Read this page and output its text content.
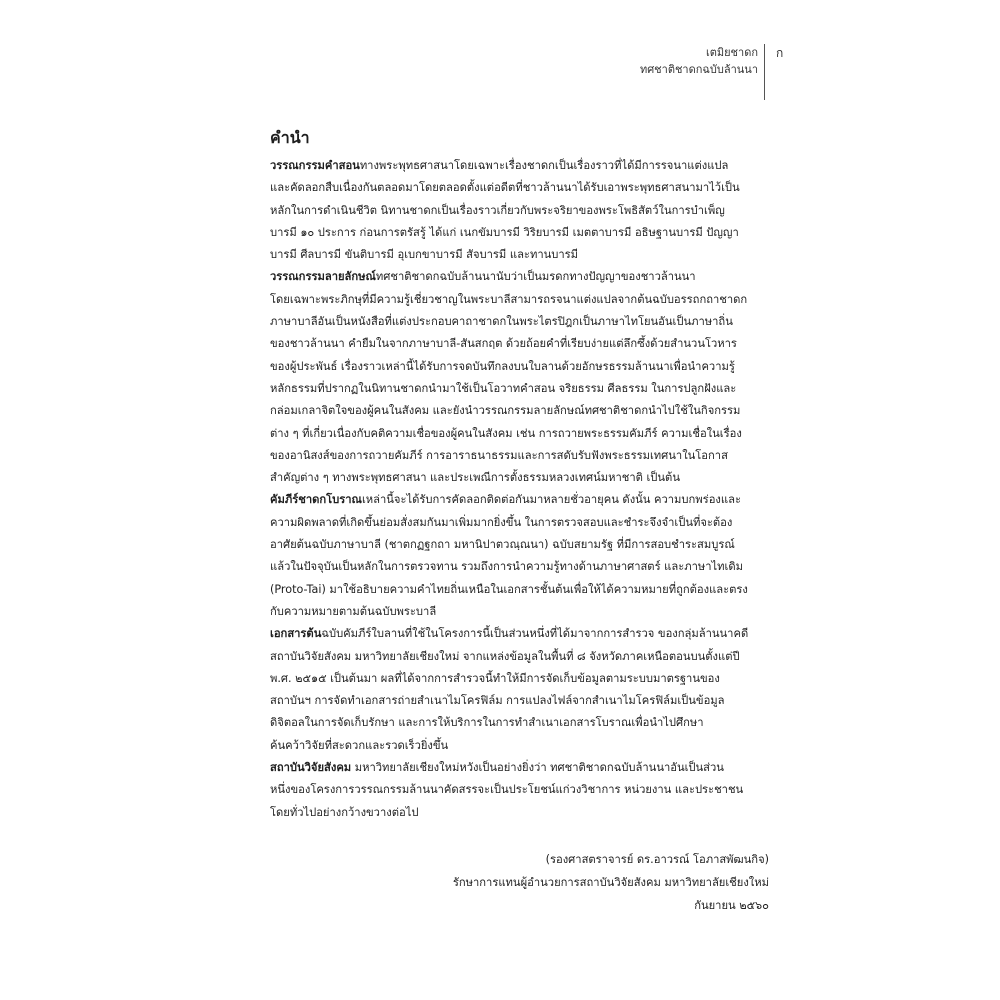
เตมิยชาดก
ทศชาติชาดกฉบับล้านนา
ก
คำนำ
วรรณกรรมคำสอนทางพระพุทธศาสนาโดยเฉพาะเรื่องชาดกเป็นเรื่องราวที่ได้มีการรจนาแต่งแปล
และคัดลอกสืบเนื่องกันตลอดมาโดยตลอดตั้งแต่อดีตที่ชาวล้านนาได้รับเอาพระพุทธศาสนามาไว้เป็น
หลักในการดำเนินชีวิต นิทานชาดกเป็นเรื่องราวเกี่ยวกับพระจริยาของพระโพธิสัตว์ในการบำเพ็ญ
บารมี ๑๐ ประการ ก่อนการตรัสรู้ ได้แก่ เนกขัมบารมี วิริยบารมี เมตตาบารมี อธิษฐานบารมี ปัญญา
บารมี ศีลบารมี ขันติบารมี อุเบกขาบารมี สัจบารมี และทานบารมี
วรรณกรรมลายลักษณ์ทศชาติชาดกฉบับล้านนานับว่าเป็นมรดกทางปัญญาของชาวล้านนา
โดยเฉพาะพระภิกษุที่มีความรู้เชี่ยวชาญในพระบาลีสามารถรจนาแต่งแปลจากต้นฉบับอรรถกถาชาดก
ภาษาบาลีอันเป็นหนังสือที่แต่งประกอบคาถาชาดกในพระไตรปิฎกเป็นภาษาไทโยนอันเป็นภาษาถิ่น
ของชาวล้านนา คำยืมในจากภาษาบาลี-สันสกฤต ด้วยถ้อยคำที่เรียบง่ายแต่ลึกซึ้งด้วยสำนวนโวหาร
ของผู้ประพันธ์ เรื่องราวเหล่านี้ได้รับการจดบันทึกลงบนใบลานด้วยอักษรธรรมล้านนาเพื่อนำความรู้
หลักธรรมที่ปรากฏในนิทานชาดกนำมาใช้เป็นโอวาทคำสอน จริยธรรม ศีลธรรม ในการปลูกฝังและ
กล่อมเกลาจิตใจของผู้คนในสังคม และยังนำวรรณกรรมลายลักษณ์ทศชาติชาดกนำไปใช้ในกิจกรรม
ต่าง ๆ ที่เกี่ยวเนื่องกับคติความเชื่อของผู้คนในสังคม เช่น การถวายพระธรรมคัมภีร์ ความเชื่อในเรื่อง
ของอานิสงส์ของการถวายคัมภีร์ การอาราธนาธรรมและการสดับรับฟังพระธรรมเทศนาในโอกาส
สำคัญต่าง ๆ ทางพระพุทธศาสนา และประเพณีการตั้งธรรมหลวงเทศน์มหาชาติ เป็นต้น
คัมภีร์ชาดกโบราณเหล่านี้จะได้รับการคัดลอกติดต่อกันมาหลายชั่วอายุคน ดังนั้น ความบกพร่องและ
ความผิดพลาดที่เกิดขึ้นย่อมสั่งสมกันมาเพิ่มมากยิ่งขึ้น ในการตรวจสอบและชำระจึงจำเป็นที่จะต้อง
อาศัยต้นฉบับภาษาบาลี (ชาตกฏฐกถา มหานิปาตวณฺณนา) ฉบับสยามรัฐ ที่มีการสอบชำระสมบูรณ์
แล้วในปัจจุบันเป็นหลักในการตรวจทาน รวมถึงการนำความรู้ทางด้านภาษาศาสตร์ และภาษาไทเดิม
(Proto-Tai) มาใช้อธิบายความคำไทยถิ่นเหนือในเอกสารชั้นต้นเพื่อให้ได้ความหมายที่ถูกต้องและตรง
กับความหมายตามต้นฉบับพระบาลี
เอกสารต้นฉบับคัมภีร์ใบลานที่ใช้ในโครงการนี้เป็นส่วนหนึ่งที่ได้มาจากการสำรวจ ของกลุ่มล้านนาคดี
สถาบันวิจัยสังคม มหาวิทยาลัยเชียงใหม่ จากแหล่งข้อมูลในพื้นที่ ๘ จังหวัดภาคเหนือตอนบนตั้งแต่ปี
พ.ศ. ๒๕๑๕ เป็นต้นมา ผลที่ได้จากการสำรวจนี้ทำให้มีการจัดเก็บข้อมูลตามระบบมาตรฐานของ
สถาบันฯ การจัดทำเอกสารถ่ายสำเนาไมโครฟิล์ม การแปลงไฟล์จากสำเนาไมโครฟิล์มเป็นข้อมูล
ดิจิตอลในการจัดเก็บรักษา และการให้บริการในการทำสำเนาเอกสารโบราณเพื่อนำไปศึกษา
ค้นคว้าวิจัยที่สะดวกและรวดเร็วยิ่งขึ้น
สถาบันวิจัยสังคม มหาวิทยาลัยเชียงใหม่หวังเป็นอย่างยิ่งว่า ทศชาติชาดกฉบับล้านนาอันเป็นส่วน
หนึ่งของโครงการวรรณกรรมล้านนาคัดสรรจะเป็นประโยชน์แก่วงวิชาการ หน่วยงาน และประชาชน
โดยทั่วไปอย่างกว้างขวางต่อไป
(รองศาสตราจารย์ ดร.อาวรณ์ โอภาสพัฒนกิจ)
รักษาการแทนผู้อำนวยการสถาบันวิจัยสังคม มหาวิทยาลัยเชียงใหม่
กันยายน ๒๕๖๐
